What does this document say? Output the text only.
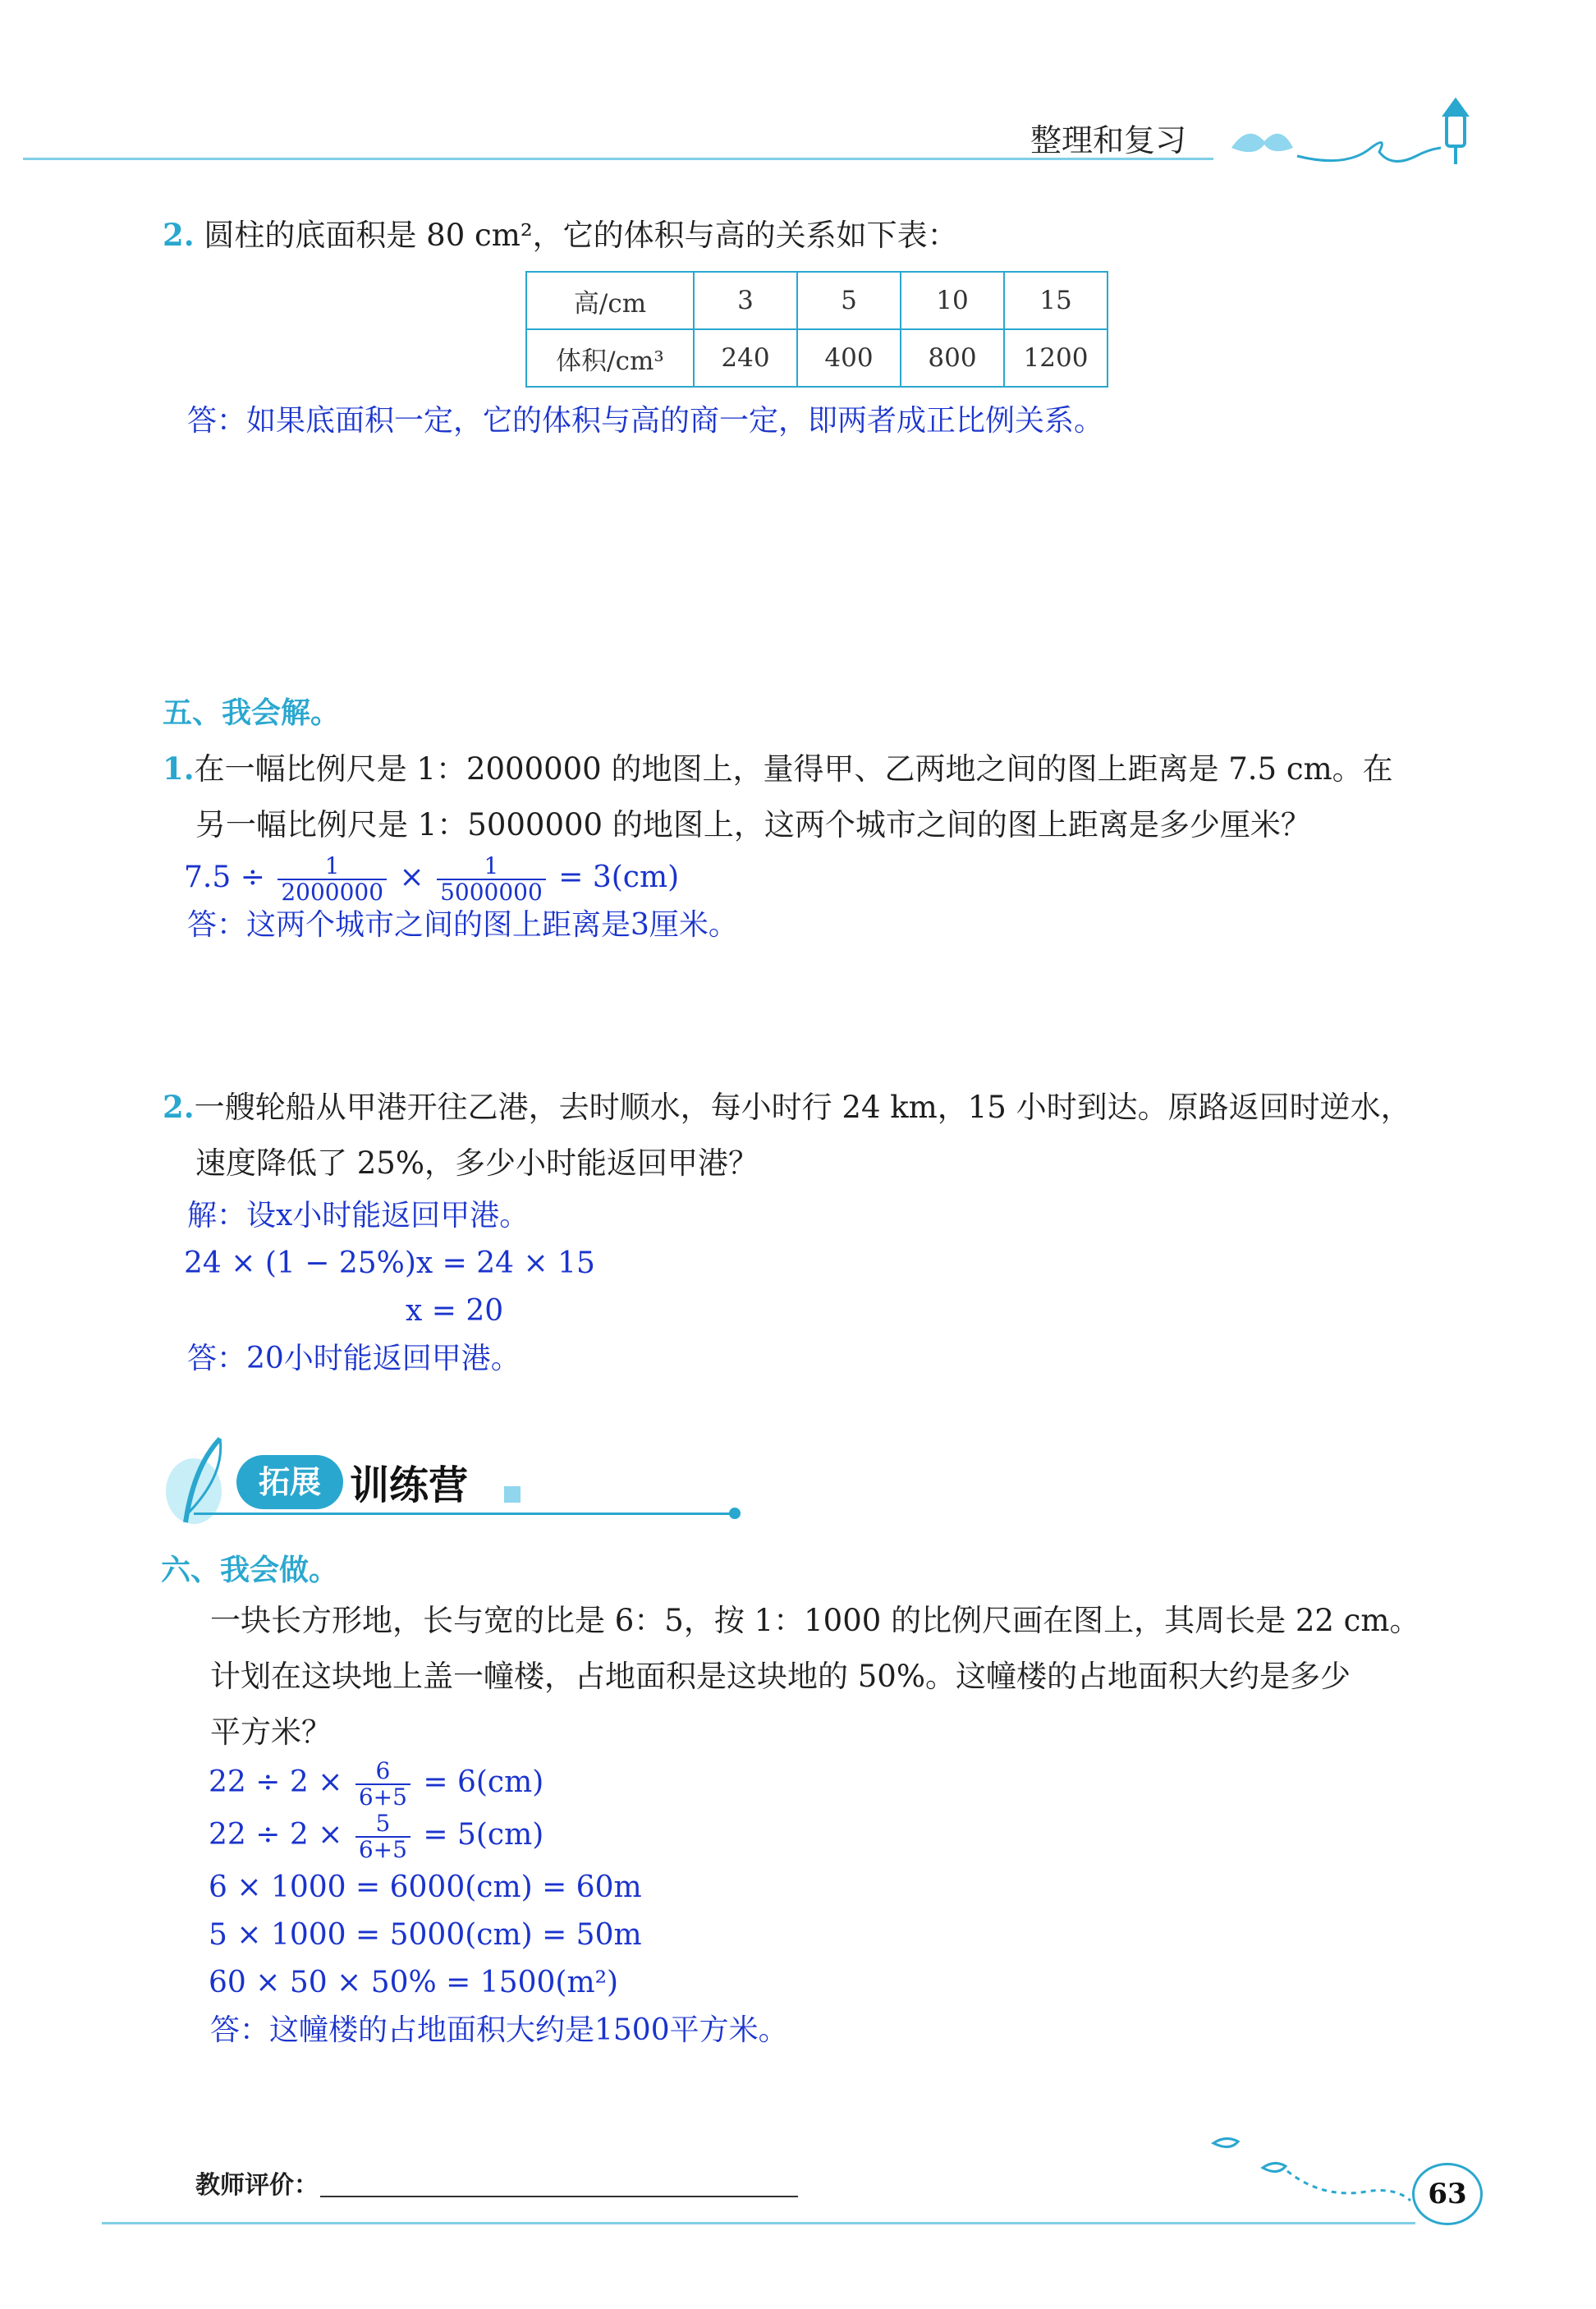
整理和复习
2. 圆柱的底面积是 80 cm²，它的体积与高的关系如下表：
高/cm	3	5	10	15
体积/cm³	240	400	800	1200
答：如果底面积一定，它的体积与高的商一定，即两者成正比例关系。
五、我会解。
1.在一幅比例尺是 1：2000000 的地图上，量得甲、乙两地之间的图上距离是 7.5 cm。在
另一幅比例尺是 1：5000000 的地图上，这两个城市之间的图上距离是多少厘米？
$7.5 \div \frac{1}{2000000} \times \frac{1}{5000000} = 3(cm)$
答：这两个城市之间的图上距离是3厘米。
2.一艘轮船从甲港开往乙港，去时顺水，每小时行 24 km，15 小时到达。原路返回时逆水，
速度降低了 25%，多少小时能返回甲港？
解：设x小时能返回甲港。
24 × (1 − 25%)x = 24 × 15
x = 20
答：20小时能返回甲港。
拓展 训练营
六、我会做。
一块长方形地，长与宽的比是 6：5，按 1：1000 的比例尺画在图上，其周长是 22 cm。
计划在这块地上盖一幢楼，占地面积是这块地的 50%。这幢楼的占地面积大约是多少
平方米？
$22 \div 2 \times \frac{6}{6+5} = 6(cm)$
$22 \div 2 \times \frac{5}{6+5} = 5(cm)$
6 × 1000 = 6000(cm) = 60m
5 × 1000 = 5000(cm) = 50m
60 × 50 × 50% = 1500(m²)
答：这幢楼的占地面积大约是1500平方米。
教师评价：	63
